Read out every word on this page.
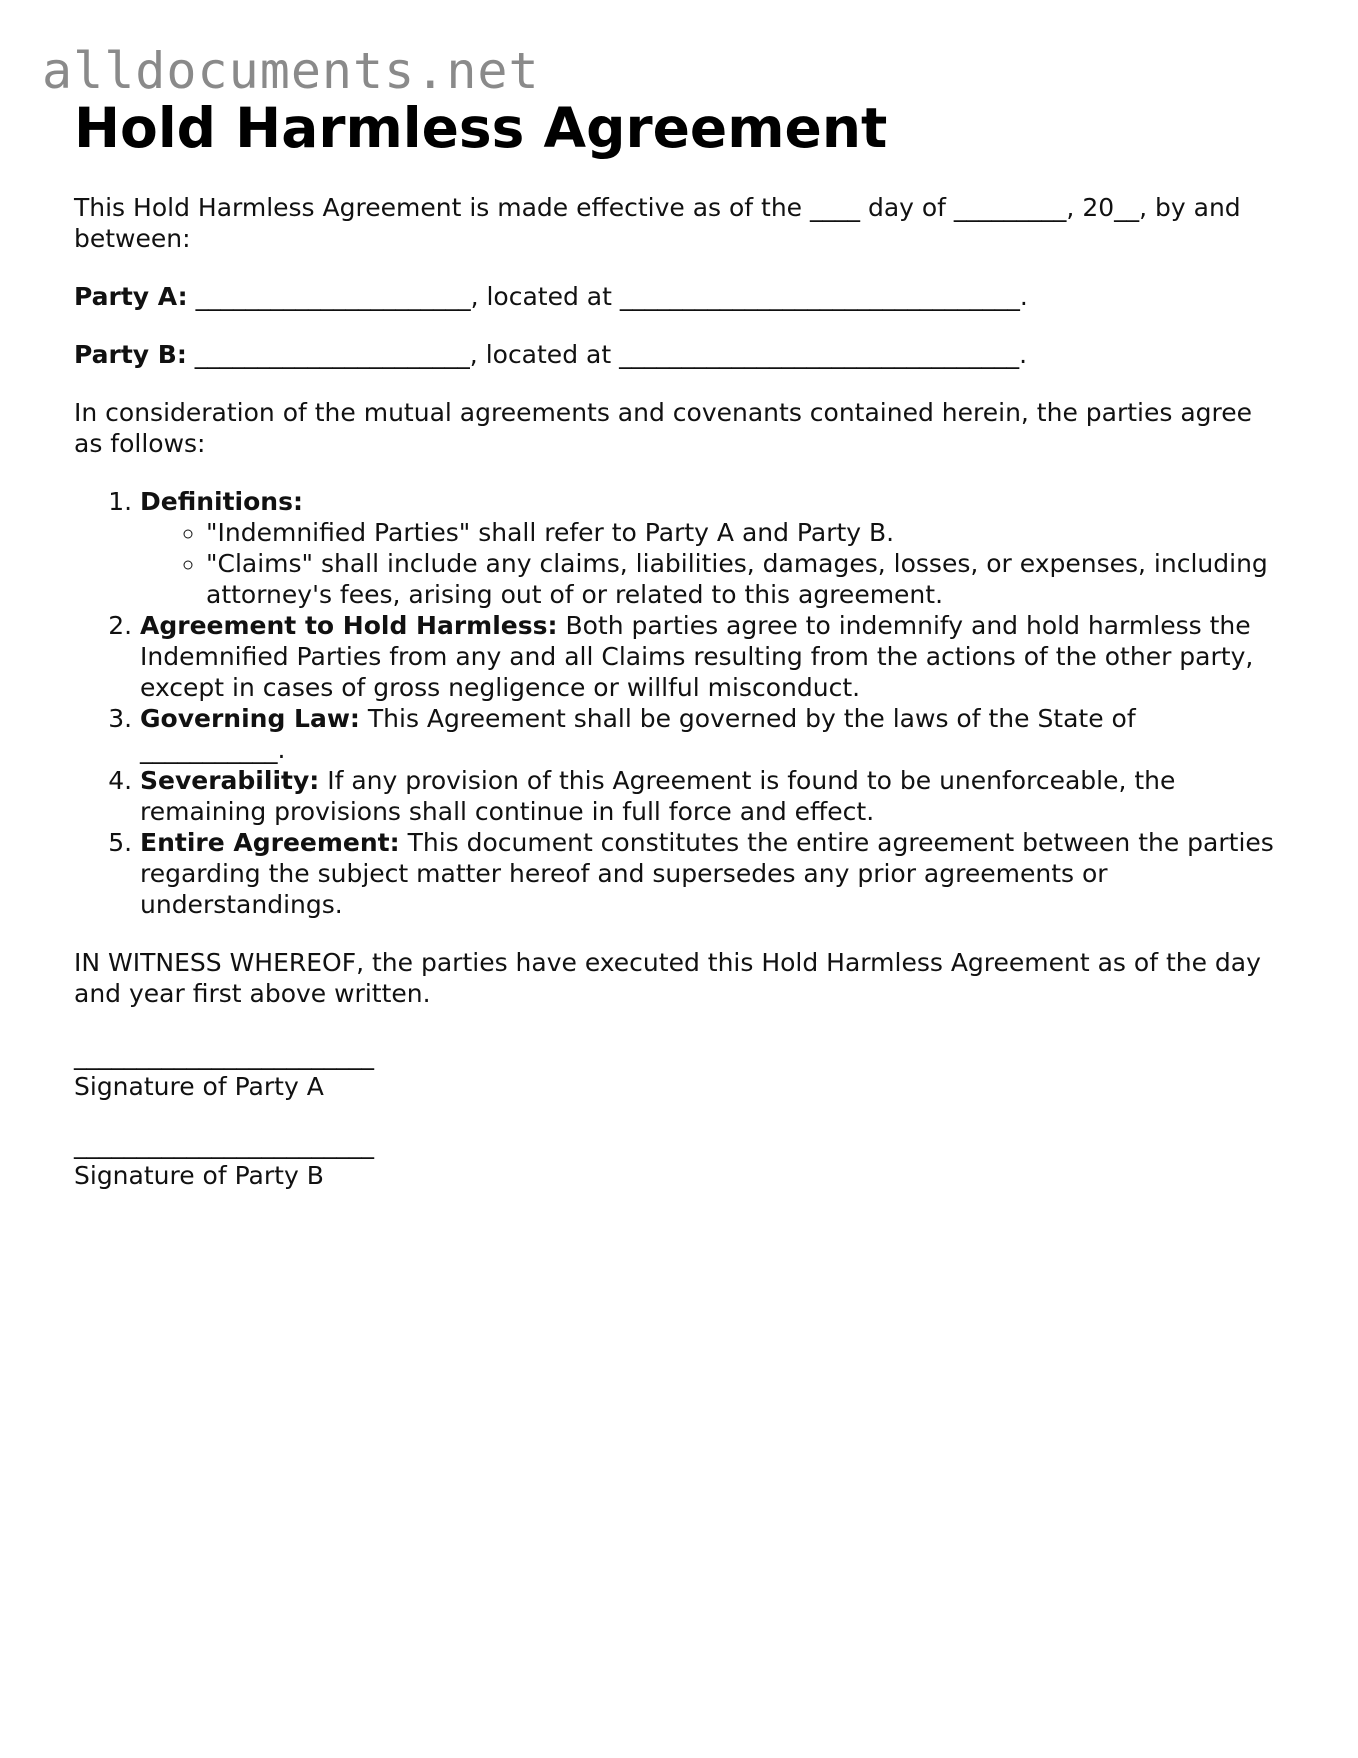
alldocuments.net
Hold Harmless Agreement

This Hold Harmless Agreement is made effective as of the ____ day of _________, 20__, by and between:

Party A: ______________________, located at ________________________________.

Party B: ______________________, located at ________________________________.

In consideration of the mutual agreements and covenants contained herein, the parties agree as follows:

1. Definitions:
◦ "Indemnified Parties" shall refer to Party A and Party B.
◦ "Claims" shall include any claims, liabilities, damages, losses, or expenses, including attorney's fees, arising out of or related to this agreement.
2. Agreement to Hold Harmless: Both parties agree to indemnify and hold harmless the Indemnified Parties from any and all Claims resulting from the actions of the other party, except in cases of gross negligence or willful misconduct.
3. Governing Law: This Agreement shall be governed by the laws of the State of ___________.
4. Severability: If any provision of this Agreement is found to be unenforceable, the remaining provisions shall continue in full force and effect.
5. Entire Agreement: This document constitutes the entire agreement between the parties regarding the subject matter hereof and supersedes any prior agreements or understandings.

IN WITNESS WHEREOF, the parties have executed this Hold Harmless Agreement as of the day and year first above written.

________________________

Signature of Party A

________________________

Signature of Party B
